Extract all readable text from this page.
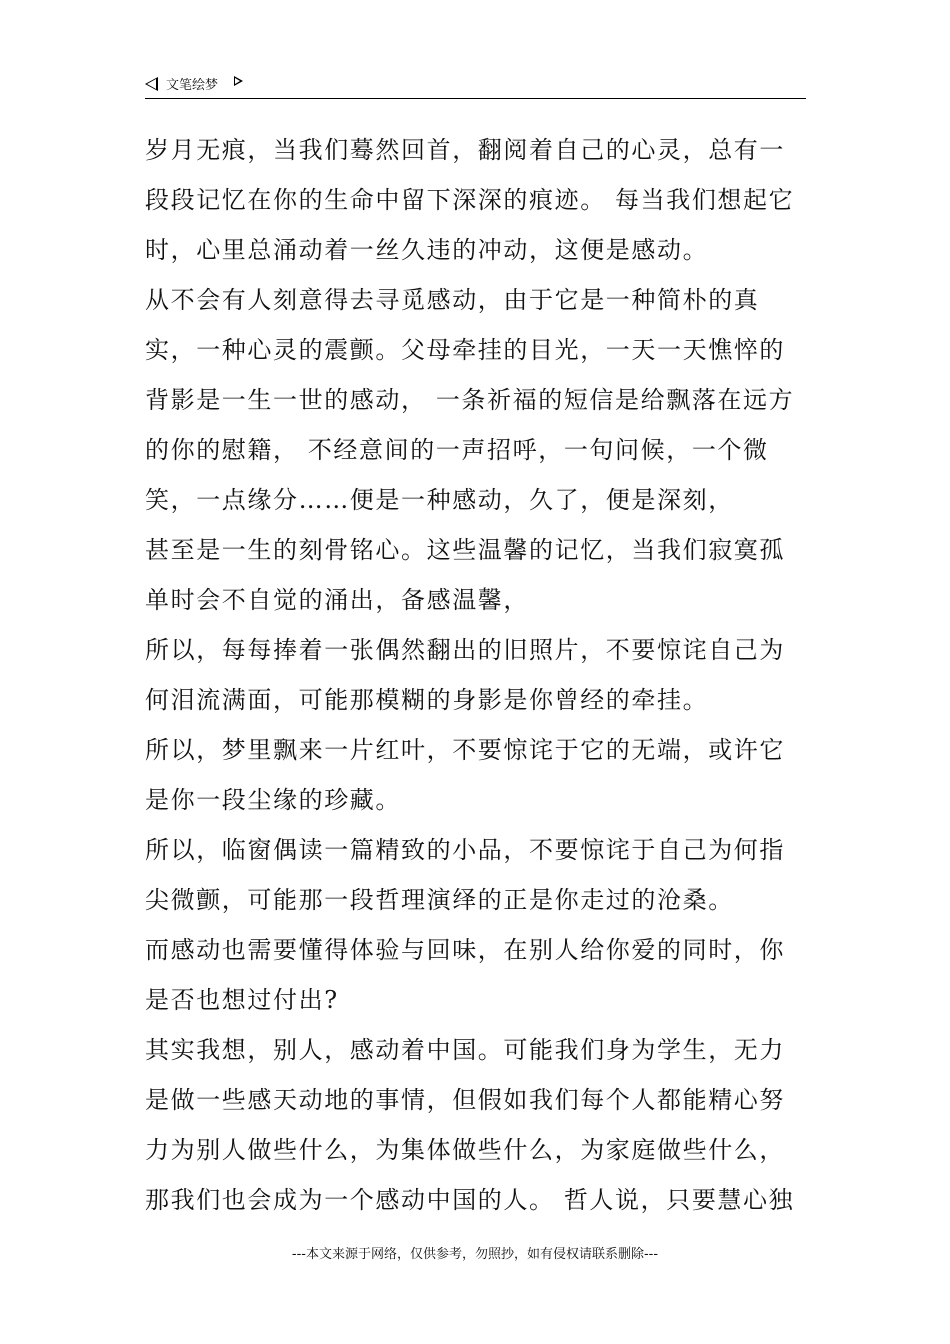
文笔绘梦

岁月无痕，当我们蓦然回首，翻阅着自己的心灵，总有一段段记忆在你的生命中留下深深的痕迹。 每当我们想起它时，心里总涌动着一丝久违的冲动，这便是感动。

从不会有人刻意得去寻觅感动，由于它是一种简朴的真实，一种心灵的震颤。父母牵挂的目光，一天一天憔悴的背影是一生一世的感动， 一条祈福的短信是给飘落在远方的你的慰籍， 不经意间的一声招呼，一句问候，一个微笑，一点缘分……便是一种感动，久了，便是深刻，

甚至是一生的刻骨铭心。这些温馨的记忆，当我们寂寞孤单时会不自觉的涌出，备感温馨，

所以，每每捧着一张偶然翻出的旧照片，不要惊诧自己为何泪流满面，可能那模糊的身影是你曾经的牵挂。

所以，梦里飘来一片红叶，不要惊诧于它的无端，或许它是你一段尘缘的珍藏。

所以，临窗偶读一篇精致的小品，不要惊诧于自己为何指尖微颤，可能那一段哲理演绎的正是你走过的沧桑。

而感动也需要懂得体验与回味，在别人给你爱的同时，你是否也想过付出?

其实我想，别人，感动着中国。可能我们身为学生，无力是做一些感天动地的事情，但假如我们每个人都能精心努力为别人做些什么，为集体做些什么，为家庭做些什么，那我们也会成为一个感动中国的人。 哲人说，只要慧心独

---本文来源于网络，仅供参考，勿照抄，如有侵权请联系删除---
